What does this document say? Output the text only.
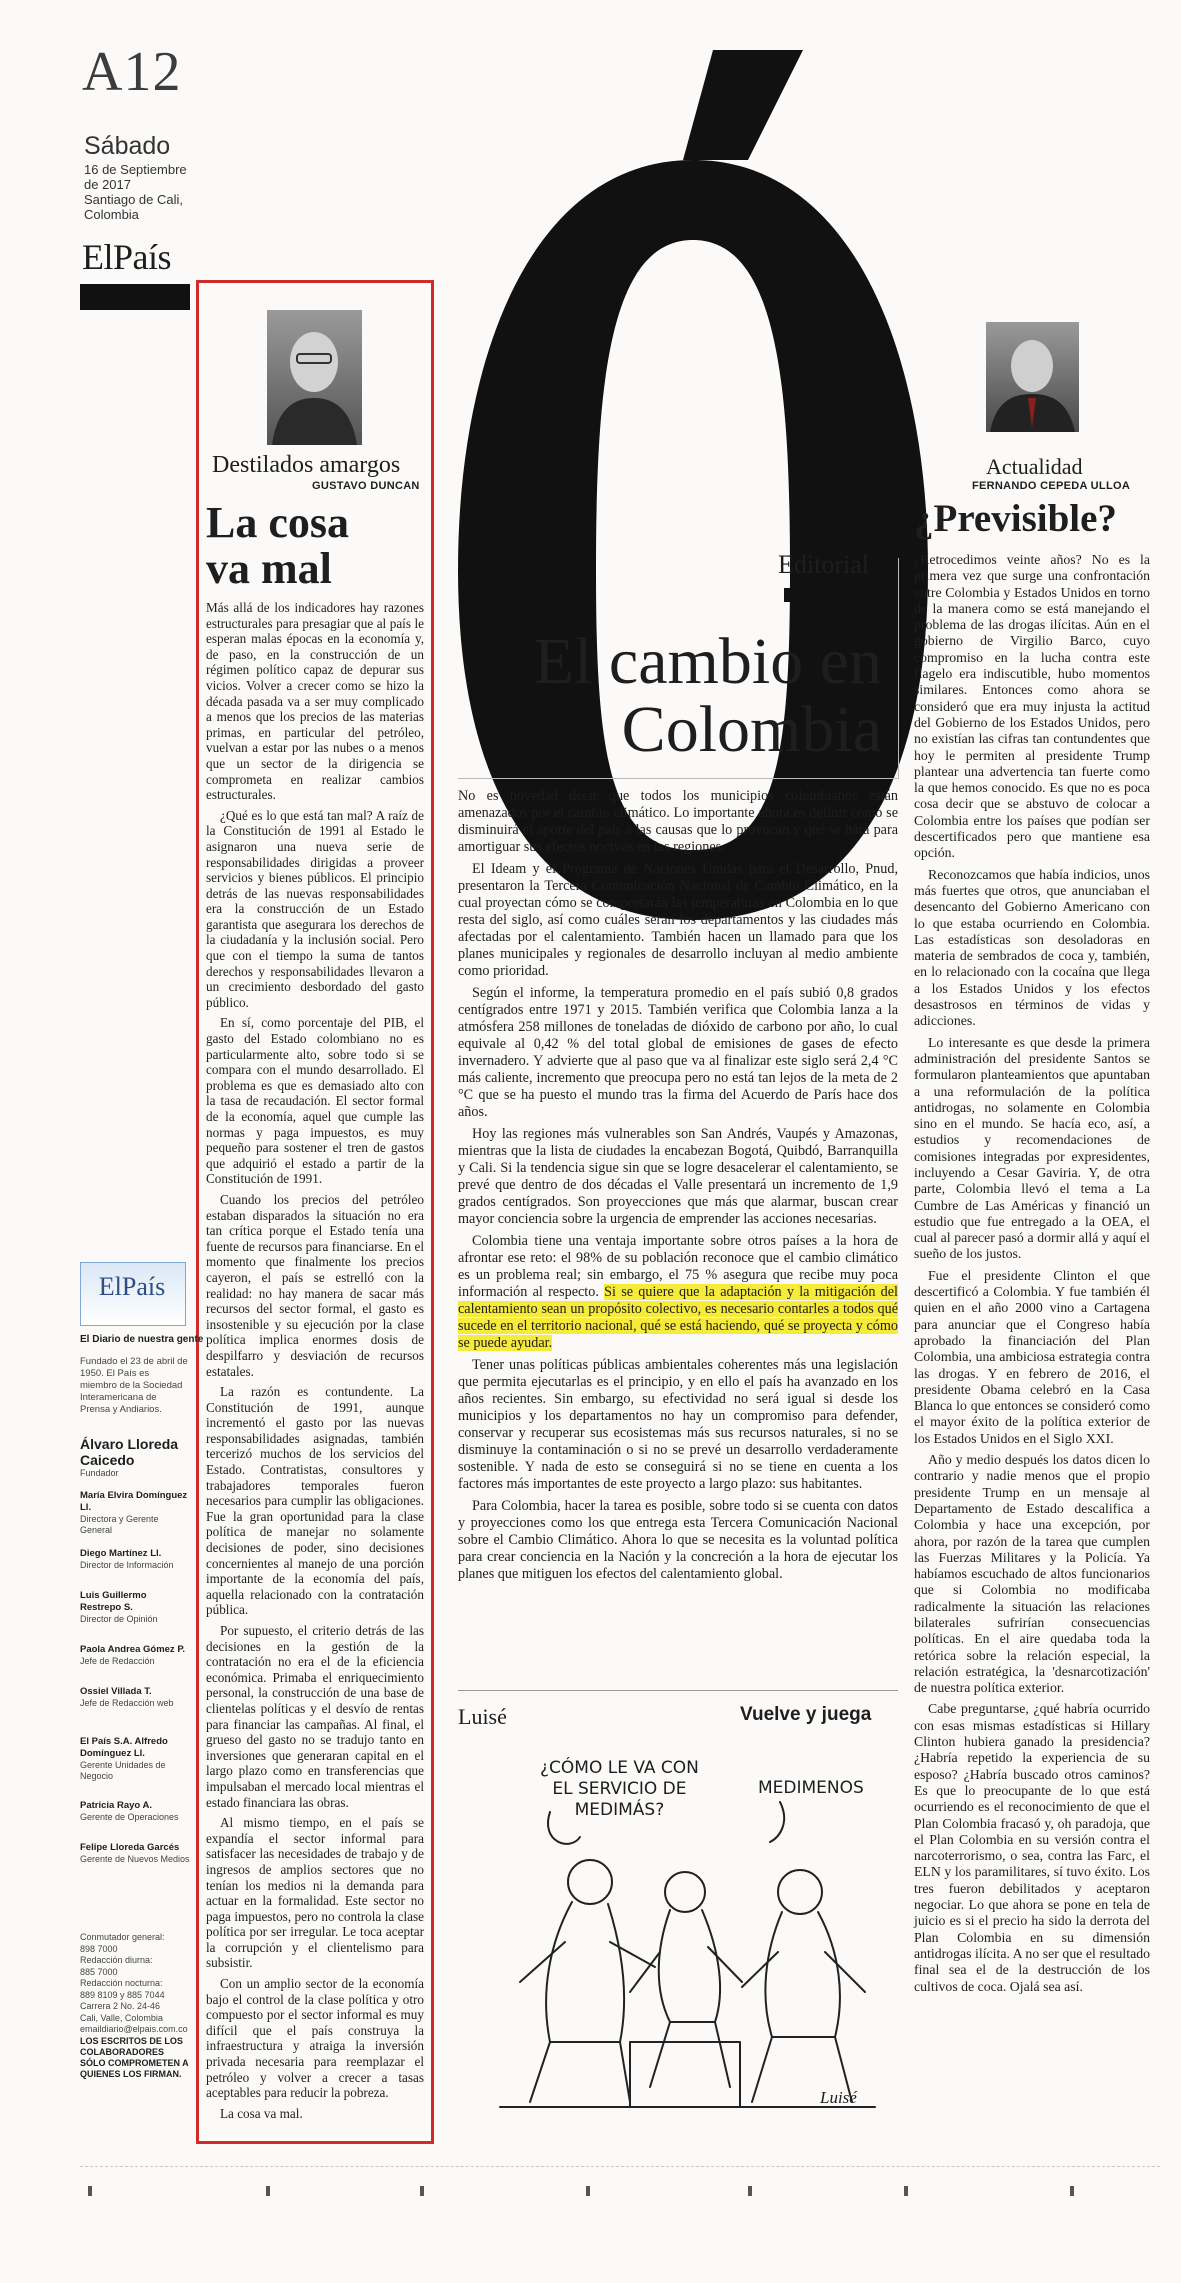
A12
Sábado
16 de Septiembre
de 2017
Santiago de Cali,
Colombia
ElPaís
Destilados amargos
GUSTAVO DUNCAN
La cosa
va mal

Más allá de los indicadores hay razones estructurales para presagiar que al país le esperan malas épocas en la economía y, de paso, en la construcción de un régimen político capaz de depurar sus vicios. Volver a crecer como se hizo la década pasada va a ser muy complicado a menos que los precios de las materias primas, en particular del petróleo, vuelvan a estar por las nubes o a menos que un sector de la dirigencia se comprometa en realizar cambios estructurales.

¿Qué es lo que está tan mal? A raíz de la Constitución de 1991 al Estado le asignaron una nueva serie de responsabilidades dirigidas a proveer servicios y bienes públicos. El principio detrás de las nuevas responsabilidades era la construcción de un Estado garantista que asegurara los derechos de la ciudadanía y la inclusión social. Pero que con el tiempo la suma de tantos derechos y responsabilidades llevaron a un crecimiento desbordado del gasto público.

En sí, como porcentaje del PIB, el gasto del Estado colombiano no es particularmente alto, sobre todo si se compara con el mundo desarrollado. El problema es que es demasiado alto con la tasa de recaudación. El sector formal de la economía, aquel que cumple las normas y paga impuestos, es muy pequeño para sostener el tren de gastos que adquirió el estado a partir de la Constitución de 1991.

Cuando los precios del petróleo estaban disparados la situación no era tan crítica porque el Estado tenía una fuente de recursos para financiarse. En el momento que finalmente los precios cayeron, el país se estrelló con la realidad: no hay manera de sacar más recursos del sector formal, el gasto es insostenible y su ejecución por la clase política implica enormes dosis de despilfarro y desviación de recursos estatales.

La razón es contundente. La Constitución de 1991, aunque incrementó el gasto por las nuevas responsabilidades asignadas, también tercerizó muchos de los servicios del Estado. Contratistas, consultores y trabajadores temporales fueron necesarios para cumplir las obligaciones. Fue la gran oportunidad para la clase política de manejar no solamente decisiones de poder, sino decisiones concernientes al manejo de una porción importante de la economía del país, aquella relacionado con la contratación pública.

Por supuesto, el criterio detrás de las decisiones en la gestión de la contratación no era el de la eficiencia económica. Primaba el enriquecimiento personal, la construcción de una base de clientelas políticas y el desvío de rentas para financiar las campañas. Al final, el grueso del gasto no se tradujo tanto en inversiones que generaran capital en el largo plazo como en transferencias que impulsaban el mercado local mientras el estado financiara las obras.

Al mismo tiempo, en el país se expandía el sector informal para satisfacer las necesidades de trabajo y de ingresos de amplios sectores que no tenían los medios ni la demanda para actuar en la formalidad. Este sector no paga impuestos, pero no controla la clase política por ser irregular. Le toca aceptar la corrupción y el clientelismo para subsistir.

Con un amplio sector de la economía bajo el control de la clase política y otro compuesto por el sector informal es muy difícil que el país construya la infraestructura y atraiga la inversión privada necesaria para reemplazar el petróleo y volver a crecer a tasas aceptables para reducir la pobreza.

La cosa va mal.

Editorial
El cambio en
Colombia

No es novedad decir que todos los municipios colombianos están amenazados por el cambio climático. Lo importante ahora es definir cómo se disminuirá el aporte del país a las causas que lo provocan y qué se hará para amortiguar sus efectos nocivos en las regiones.

El Ideam y el Programa de Naciones Unidas para el Desarrollo, Pnud, presentaron la Tercera Comunicación Nacional de Cambio Climático, en la cual proyectan cómo se comportarán las temperaturas en Colombia en lo que resta del siglo, así como cuáles serán los departamentos y las ciudades más afectadas por el calentamiento. También hacen un llamado para que los planes municipales y regionales de desarrollo incluyan al medio ambiente como prioridad.

Según el informe, la temperatura promedio en el país subió 0,8 grados centígrados entre 1971 y 2015. También verifica que Colombia lanza a la atmósfera 258 millones de toneladas de dióxido de carbono por año, lo cual equivale al 0,42 % del total global de emisiones de gases de efecto invernadero. Y advierte que al paso que va al finalizar este siglo será 2,4 °C más caliente, incremento que preocupa pero no está tan lejos de la meta de 2 °C que se ha puesto el mundo tras la firma del Acuerdo de París hace dos años.

Hoy las regiones más vulnerables son San Andrés, Vaupés y Amazonas, mientras que la lista de ciudades la encabezan Bogotá, Quibdó, Barranquilla y Cali. Si la tendencia sigue sin que se logre desacelerar el calentamiento, se prevé que dentro de dos décadas el Valle presentará un incremento de 1,9 grados centígrados. Son proyecciones que más que alarmar, buscan crear mayor conciencia sobre la urgencia de emprender las acciones necesarias.

Colombia tiene una ventaja importante sobre otros países a la hora de afrontar ese reto: el 98% de su población reconoce que el cambio climático es un problema real; sin embargo, el 75 % asegura que recibe muy poca información al respecto. Si se quiere que la adaptación y la mitigación del calentamiento sean un propósito colectivo, es necesario contarles a todos qué sucede en el territorio nacional, qué se está haciendo, qué se proyecta y cómo se puede ayudar.

Tener unas políticas públicas ambientales coherentes más una legislación que permita ejecutarlas es el principio, y en ello el país ha avanzado en los años recientes. Sin embargo, su efectividad no será igual si desde los municipios y los departamentos no hay un compromiso para defender, conservar y recuperar sus ecosistemas más sus recursos naturales, si no se disminuye la contaminación o si no se prevé un desarrollo verdaderamente sostenible. Y nada de esto se conseguirá si no se tiene en cuenta a los factores más importantes de este proyecto a largo plazo: sus habitantes.

Para Colombia, hacer la tarea es posible, sobre todo si se cuenta con datos y proyecciones como los que entrega esta Tercera Comunicación Nacional sobre el Cambio Climático. Ahora lo que se necesita es la voluntad política para crear conciencia en la Nación y la concreción a la hora de ejecutar los planes que mitiguen los efectos del calentamiento global.

Luisé	Vuelve y juega
¿CÓMO LE VA CON
EL SERVICIO DE
MEDIMÁS?
MEDIMENOS
Luisé
Actualidad
FERNANDO CEPEDA ULLOA
¿Previsible?

¿Retrocedimos veinte años? No es la primera vez que surge una confrontación entre Colombia y Estados Unidos en torno de la manera como se está manejando el problema de las drogas ilícitas. Aún en el gobierno de Virgilio Barco, cuyo compromiso en la lucha contra este flagelo era indiscutible, hubo momentos similares. Entonces como ahora se consideró que era muy injusta la actitud del Gobierno de los Estados Unidos, pero no existían las cifras tan contundentes que hoy le permiten al presidente Trump plantear una advertencia tan fuerte como la que hemos conocido. Es que no es poca cosa decir que se abstuvo de colocar a Colombia entre los países que podían ser descertificados pero que mantiene esa opción.

Reconozcamos que había indicios, unos más fuertes que otros, que anunciaban el desencanto del Gobierno Americano con lo que estaba ocurriendo en Colombia. Las estadísticas son desoladoras en materia de sembrados de coca y, también, en lo relacionado con la cocaína que llega a los Estados Unidos y los efectos desastrosos en términos de vidas y adicciones.

Lo interesante es que desde la primera administración del presidente Santos se formularon planteamientos que apuntaban a una reformulación de la política antidrogas, no solamente en Colombia sino en el mundo. Se hacía eco, así, a estudios y recomendaciones de comisiones integradas por expresidentes, incluyendo a Cesar Gaviria. Y, de otra parte, Colombia llevó el tema a La Cumbre de Las Américas y financió un estudio que fue entregado a la OEA, el cual al parecer pasó a dormir allá y aquí el sueño de los justos.

Fue el presidente Clinton el que descertificó a Colombia. Y fue también él quien en el año 2000 vino a Cartagena para anunciar que el Congreso había aprobado la financiación del Plan Colombia, una ambiciosa estrategia contra las drogas. Y en febrero de 2016, el presidente Obama celebró en la Casa Blanca lo que entonces se consideró como el mayor éxito de la política exterior de los Estados Unidos en el Siglo XXI.

Año y medio después los datos dicen lo contrario y nadie menos que el propio presidente Trump en un mensaje al Departamento de Estado descalifica a Colombia y hace una excepción, por ahora, por razón de la tarea que cumplen las Fuerzas Militares y la Policía. Ya habíamos escuchado de altos funcionarios que si Colombia no modificaba radicalmente la situación las relaciones bilaterales sufrirían consecuencias políticas. En el aire quedaba toda la retórica sobre la relación especial, la relación estratégica, la 'desnarcotización' de nuestra política exterior.

Cabe preguntarse, ¿qué habría ocurrido con esas mismas estadísticas si Hillary Clinton hubiera ganado la presidencia? ¿Habría repetido la experiencia de su esposo? ¿Habría buscado otros caminos? Es que lo preocupante de lo que está ocurriendo es el reconocimiento de que el Plan Colombia fracasó y, oh paradoja, que el Plan Colombia en su versión contra el narcoterrorismo, o sea, contra las Farc, el ELN y los paramilitares, sí tuvo éxito. Los tres fueron debilitados y aceptaron negociar. Lo que ahora se pone en tela de juicio es si el precio ha sido la derrota del Plan Colombia en su dimensión antidrogas ilícita. A no ser que el resultado final sea el de la destrucción de los cultivos de coca. Ojalá sea así.

ElPaís
El Diario de nuestra gente
Fundado el 23 de abril de 1950. El País es miembro de la Sociedad Interamericana de Prensa y Andiarios.
Álvaro Lloreda Caicedo
Fundador
María Elvira Domínguez Ll.
Directora y Gerente General
Diego Martínez Ll.
Director de Información
Luis Guillermo Restrepo S.
Director de Opinión
Paola Andrea Gómez P.
Jefe de Redacción
Ossiel Villada T.
Jefe de Redacción web
El País S.A. Alfredo Domínguez Ll.
Gerente Unidades de Negocio
Patricia Rayo A.
Gerente de Operaciones
Felipe Lloreda Garcés
Gerente de Nuevos Medios
Conmutador general:
898 7000
Redacción diurna:
885 7000
Redacción nocturna:
889 8109 y 885 7044
Carrera 2 No. 24-46
Cali, Valle, Colombia
emaildiario@elpais.com.co
LOS ESCRITOS DE LOS COLABORADORES SÓLO COMPROMETEN A QUIENES LOS FIRMAN.
